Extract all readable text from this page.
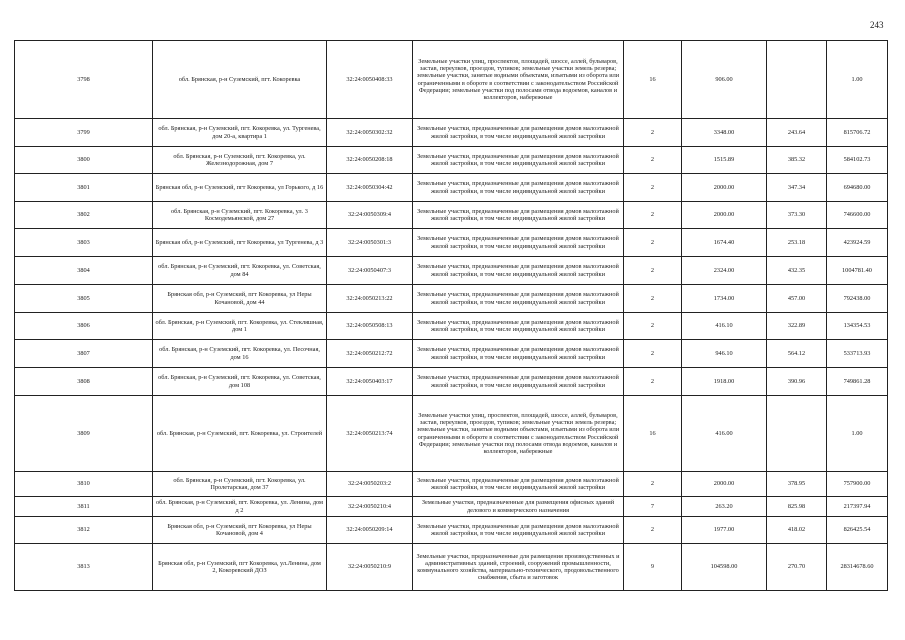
243
3798	обл. Брянская, р-н Суземский, пгт. Кокоревка	32:24:0050408:33	Земельные участки улиц, проспектов, площадей, шоссе, аллей, бульваров, застав, переулков, проездов, тупиков; земельные участки земель резерва; земельные участки, занятые водными объектами, изъятыми из оборота или ограниченными в обороте в соответствии с законодательством Российской Федерации; земельные участки под полосами отвода водоемов, каналов и коллекторов, набережные	16	906.00		1.00
3799	обл. Брянская, р-н Суземский, пгт. Кокоревка, ул. Тургенева, дом 20-а, квартира 1	32:24:0050302:32	Земельные участки, предназначенные для размещения домов малоэтажной жилой застройки, в том числе индивидуальной жилой застройки	2	3348.00	243.64	815706.72
3800	обл. Брянская, р-н Суземский, пгт. Кокоревка, ул. Железнодорожная, дом 7	32:24:0050208:18	Земельные участки, предназначенные для размещения домов малоэтажной жилой застройки, в том числе индивидуальной жилой застройки	2	1515.89	385.32	584102.73
3801	Брянская обл, р-н Суземский, пгт Кокоревка, ул Горького, д 16	32:24:0050304:42	Земельные участки, предназначенные для размещения домов малоэтажной жилой застройки, в том числе индивидуальной жилой застройки	2	2000.00	347.34	694680.00
3802	обл. Брянская, р-н Суземский, пгт. Кокоревка, ул. 3 Космодемьянской, дом 27	32:24:0050309:4	Земельные участки, предназначенные для размещения домов малоэтажной жилой застройки, в том числе индивидуальной жилой застройки	2	2000.00	373.30	746600.00
3803	Брянская обл, р-н Суземский, пгт Кокоревка, ул Тургенева, д 3	32:24:0050301:3	Земельные участки, предназначенные для размещения домов малоэтажной жилой застройки, в том числе индивидуальной жилой застройки	2	1674.40	253.18	423924.59
3804	обл. Брянская, р-н Суземский, пгт. Кокоревка, ул. Советская, дом 84	32:24:0050407:3	Земельные участки, предназначенные для размещения домов малоэтажной жилой застройки, в том числе индивидуальной жилой застройки	2	2324.00	432.35	1004781.40
3805	Брянская обл, р-н Суземский, пгт Кокоревка, ул Неры Кочановой, дом 44	32:24:0050213:22	Земельные участки, предназначенные для размещения домов малоэтажной жилой застройки, в том числе индивидуальной жилой застройки	2	1734.00	457.00	792438.00
3806	обл. Брянская, р-н Суземский, пгт. Кокоревка, ул. Стекляшная, дом 1	32:24:0050508:13	Земельные участки, предназначенные для размещения домов малоэтажной жилой застройки, в том числе индивидуальной жилой застройки	2	416.10	322.89	134354.53
3807	обл. Брянская, р-н Суземский, пгт. Кокоревка, ул. Песочная, дом 16	32:24:0050212:72	Земельные участки, предназначенные для размещения домов малоэтажной жилой застройки, в том числе индивидуальной жилой застройки	2	946.10	564.12	533713.93
3808	обл. Брянская, р-н Суземский, пгт. Кокоревка, ул. Советская, дом 108	32:24:0050403:17	Земельные участки, предназначенные для размещения домов малоэтажной жилой застройки, в том числе индивидуальной жилой застройки	2	1918.00	390.96	749861.28
3809	обл. Брянская, р-н Суземский, пгт. Кокоревка, ул. Строителей	32:24:0050213:74	Земельные участки улиц, проспектов, площадей, шоссе, аллей, бульваров, застав, переулков, проездов, тупиков; земельные участки земель резерва; земельные участки, занятые водными объектами, изъятыми из оборота или ограниченными в обороте в соответствии с законодательством Российской Федерации; земельные участки под полосами отвода водоемов, каналов и коллекторов, набережные	16	416.00		1.00
3810	обл. Брянская, р-н Суземский, пгт. Кокоревка, ул. Пролетарская, дом 37	32:24:0050203:2	Земельные участки, предназначенные для размещения домов малоэтажной жилой застройки, в том числе индивидуальной жилой застройки	2	2000.00	378.95	757900.00
3811	обл. Брянская, р-н Суземский, пгт. Кокоревка, ул. Ленина, дом д 2	32:24:0050210:4	Земельные участки, предназначенные для размещения офисных зданий делового и коммерческого назначения	7	263.20	825.98	217397.94
3812	Брянская обл, р-н Суземский, пгт Кокоревка, ул Неры Кочановой, дом 4	32:24:0050209:14	Земельные участки, предназначенные для размещения домов малоэтажной жилой застройки, в том числе индивидуальной жилой застройки	2	1977.00	418.02	826425.54
3813	Брянская обл, р-н Суземский, пгт Кокоревка, ул.Ленина, дом 2, Кокоревский ДОЗ	32:24:0050210:9	Земельные участки, предназначенные для размещения производственных и административных зданий, строений, сооружений промышленности, коммунального хозяйства, материально-технического, продовольственного снабжения, сбыта и заготовок	9	104598.00	270.70	28314678.60
